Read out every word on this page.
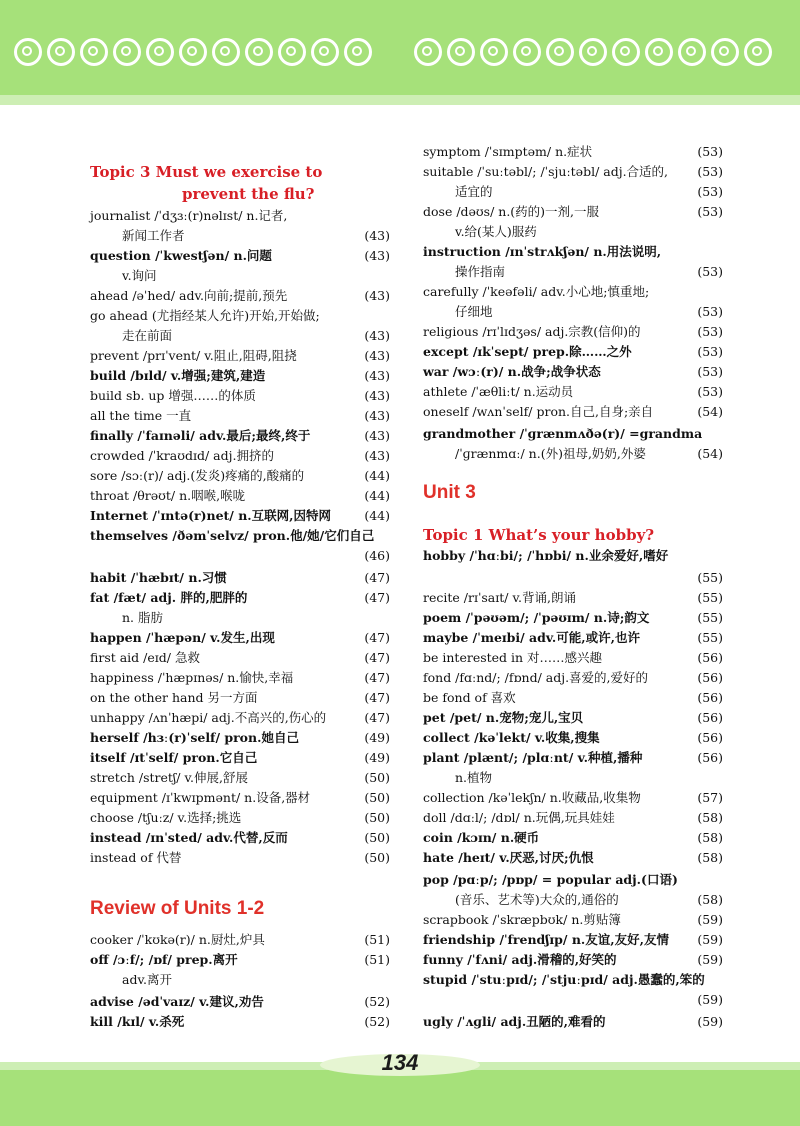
Topic 3 Must we exercise to
prevent the flu?
journalist /ˈdʒɜː(r)nəlɪst/ n.记者,
新闻工作者	(43)
question /ˈkwestʃən/ n.问题	(43)
v.询问
ahead /əˈhed/ adv.向前;提前,预先	(43)
go ahead (尤指经某人允许)开始,开始做;
走在前面	(43)
prevent /prɪˈvent/ v.阻止,阻碍,阻挠	(43)
build /bɪld/ v.增强;建筑,建造	(43)
build sb. up 增强……的体质	(43)
all the time 一直	(43)
finally /ˈfaɪnəli/ adv.最后;最终,终于	(43)
crowded /ˈkraʊdɪd/ adj.拥挤的	(43)
sore /sɔː(r)/ adj.(发炎)疼痛的,酸痛的	(44)
throat /θrəʊt/ n.咽喉,喉咙	(44)
Internet /ˈɪntə(r)net/ n.互联网,因特网	(44)
themselves /ðəmˈselvz/ pron.他/她/它们自己
(46)
habit /ˈhæbɪt/ n.习惯	(47)
fat /fæt/ adj. 胖的,肥胖的	(47)
n. 脂肪
happen /ˈhæpən/ v.发生,出现	(47)
first aid /eɪd/ 急救	(47)
happiness /ˈhæpɪnəs/ n.愉快,幸福	(47)
on the other hand 另一方面	(47)
unhappy /ʌnˈhæpi/ adj.不高兴的,伤心的	(47)
herself /hɜː(r)ˈself/ pron.她自己	(49)
itself /ɪtˈself/ pron.它自己	(49)
stretch /stretʃ/ v.伸展,舒展	(50)
equipment /ɪˈkwɪpmənt/ n.设备,器材	(50)
choose /tʃuːz/ v.选择;挑选	(50)
instead /ɪnˈsted/ adv.代替,反而	(50)
instead of 代替	(50)
Review of Units 1-2
cooker /ˈkʊkə(r)/ n.厨灶,炉具	(51)
off /ɔːf/; /ɒf/ prep.离开	(51)
adv.离开
advise /ədˈvaɪz/ v.建议,劝告	(52)
kill /kɪl/ v.杀死	(52)
symptom /ˈsɪmptəm/ n.症状	(53)
suitable /ˈsuːtəbl/; /ˈsjuːtəbl/ adj.合适的, (53)
适宜的	(53)
dose /dəʊs/ n.(药的)一剂,一服	(53)
v.给(某人)服药
instruction /ɪnˈstrʌkʃən/ n.用法说明,
操作指南	(53)
carefully /ˈkeəfəli/ adv.小心地;慎重地;
仔细地	(53)
religious /rɪˈlɪdʒəs/ adj.宗教(信仰)的	(53)
except /ɪkˈsept/ prep.除……之外	(53)
war /wɔː(r)/ n.战争;战争状态	(53)
athlete /ˈæθliːt/ n.运动员	(53)
oneself /wʌnˈself/ pron.自己,自身;亲自	(54)
grandmother /ˈɡrænmʌðə(r)/ =grandma
/ˈɡrænmɑː/ n.(外)祖母,奶奶,外婆	(54)
Unit 3
Topic 1 What’s your hobby?
hobby /ˈhɑːbi/; /ˈhɒbi/ n.业余爱好,嗜好
(55)
recite /rɪˈsaɪt/ v.背诵,朗诵	(55)
poem /ˈpəʊəm/; /ˈpəʊɪm/ n.诗;韵文	(55)
maybe /ˈmeɪbi/ adv.可能,或许,也许	(55)
be interested in 对……感兴趣	(56)
fond /fɑːnd/; /fɒnd/ adj.喜爱的,爱好的	(56)
be fond of 喜欢	(56)
pet /pet/ n.宠物;宠儿,宝贝	(56)
collect /kəˈlekt/ v.收集,搜集	(56)
plant /plænt/; /plɑːnt/ v.种植,播种	(56)
n.植物
collection /kəˈlekʃn/ n.收藏品,收集物	(57)
doll /dɑːl/; /dɒl/ n.玩偶,玩具娃娃	(58)
coin /kɔɪn/ n.硬币	(58)
hate /heɪt/ v.厌恶,讨厌;仇恨	(58)
pop /pɑːp/; /pɒp/ = popular adj.(口语)
(音乐、艺术等)大众的,通俗的	(58)
scrapbook /ˈskræpbʊk/ n.剪贴簿	(59)
friendship /ˈfrendʃɪp/ n.友谊,友好,友情 (59)
funny /ˈfʌni/ adj.滑稽的,好笑的	(59)
stupid /ˈstuːpɪd/; /ˈstjuːpɪd/ adj.愚蠢的,笨的
(59)
ugly /ˈʌɡli/ adj.丑陋的,难看的	(59)
134
